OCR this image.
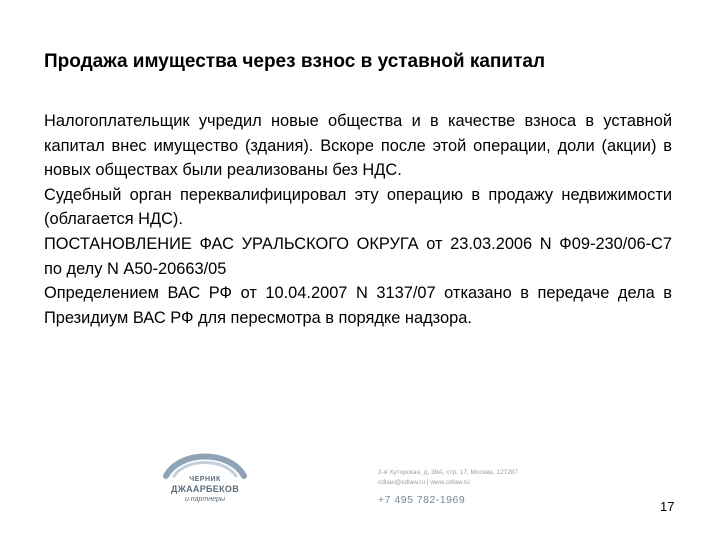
Продажа имущества через взнос в уставной капитал

Налогоплательщик учредил новые общества и в качестве взноса в уставной капитал внес имущество (здания). Вскоре после этой операции, доли (акции) в новых обществах были реализованы без НДС.

Судебный орган переквалифицировал эту операцию в продажу недвижимости (облагается НДС).

ПОСТАНОВЛЕНИЕ ФАС УРАЛЬСКОГО ОКРУГА от 23.03.2006 N Ф09-230/06-С7 по делу N А50-20663/05

Определением ВАС РФ от 10.04.2007 N 3137/07 отказано в передаче дела в Президиум ВАС РФ для пересмотра в порядке надзора.

ЧЕРНИК
ДЖААРБЕКОВ
и партнеры
2-я Хуторская, д. 38А, стр. 17, Москва, 127287
cdlaw@cdlaw.ru | www.cdlaw.ru
+7 495 782-1969	17
